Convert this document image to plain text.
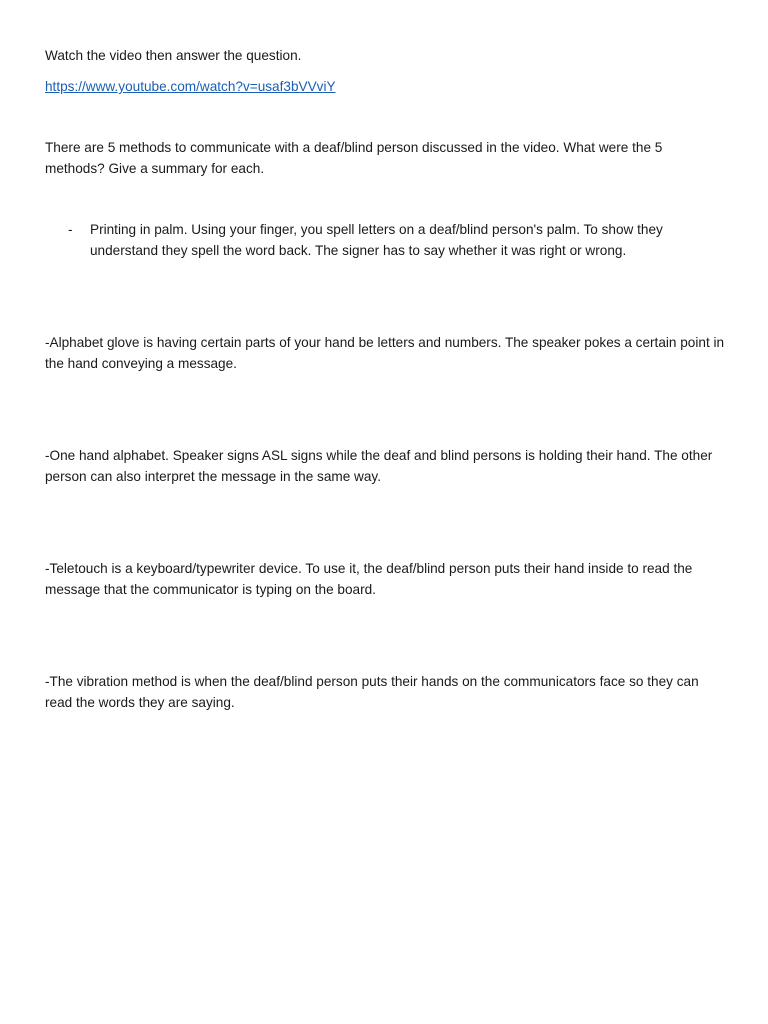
Watch the video then answer the question.

https://www.youtube.com/watch?v=usaf3bVVviY

There are 5 methods to communicate with a deaf/blind person discussed in the video. What were the 5 methods? Give a summary for each.

- Printing in palm. Using your finger, you spell letters on a deaf/blind person's palm. To show they understand they spell the word back. The signer has to say whether it was right or wrong.

-Alphabet glove is having certain parts of your hand be letters and numbers. The speaker pokes a certain point in the hand conveying a message.

-One hand alphabet. Speaker signs ASL signs while the deaf and blind persons is holding their hand. The other person can also interpret the message in the same way.

-Teletouch is a keyboard/typewriter device. To use it, the deaf/blind person puts their hand inside to read the message that the communicator is typing on the board.

-The vibration method is when the deaf/blind person puts their hands on the communicators face so they can read the words they are saying.
